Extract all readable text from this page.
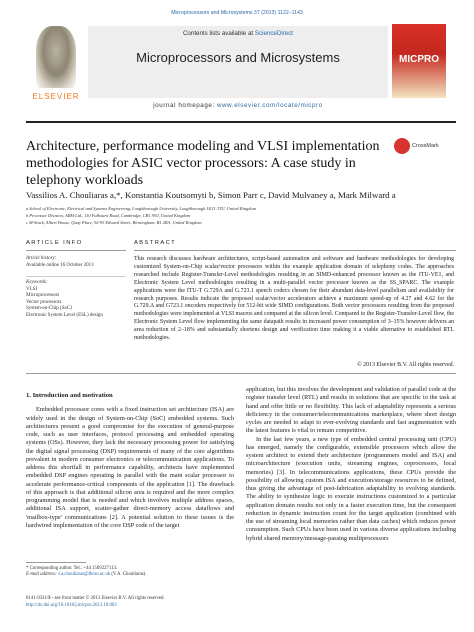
Microprocessors and Microsystems 37 (2013) 1122–1143
ELSEVIER
Contents lists available at ScienceDirect
Microprocessors and Microsystems
journal homepage: www.elsevier.com/locate/micpro
MICPRO
Architecture, performance modeling and VLSI implementation methodologies for ASIC vector processors: A case study in telephony workloads
CrossMark
Vassilios A. Chouliaras a,*, Konstantia Koutsomyti b, Simon Parr c, David Mulvaney a, Mark Milward a
a School of Electronic, Electrical and Systems Engineering, Loughborough University, Loughborough LE11 3TU, United Kingdom
b Processor Division, ARM Ltd., 110 Fulbourn Road, Cambridge, CB1 9NJ, United Kingdom
c M-Stack, Albert House, Quay Place, 92-93 Edward Street, Birmingham, B1 2RA, United Kingdom
ARTICLE INFO	ABSTRACT
Article history:
Available online 16 October 2013
Keywords:
VLSI
Microprocessors
Vector processors
System-on-Chip (SoC)
Electronic System Level (ESL) design
This research discusses hardware architectures, script-based automation and software and hardware methodologies for developing customized System-on-Chip scalar/vector processors within the example application domain of telephony codes. The approaches researched include Register-Transfer-Level methodologies resulting in an SIMD-enhanced processor known as the ITU-VE1, and Electronic System Level methodologies resulting in a multi-parallel vector processor known as the SS_SPARC. The example applications were the ITU-T G.729A and G.723.1 speech codecs chosen for their abundant data-level parallelism and availability for research purposes. Results indicate the proposed scalar/vector accelerators achieve a maximum speed-up of 4.27 and 4.62 for the G.729.A and G723.1 encoders respectively for 512-bit wide SIMD configurations. Both vector processors resulting from the proposed methodologies were implemented at VLSI macros and compared at the silicon level. Compared to the Register-Transfer-Level flow, the Electronic System Level flow implementing the same datapath results in increased power consumption of 3–15% however delivers an area reduction of 2–18% and substantially shortens design and verification time making it a viable alternative to established RTL methodologies.
© 2013 Elsevier B.V. All rights reserved.
1. Introduction and motivation

Embedded processor cores with a fixed instruction set architecture (ISA) are widely used in the design of System-on-Chip (SoC) embedded systems. Such architectures present a good compromise for the execution of general-purpose code, such as user interfaces, protocol processing and embedded operating systems (OSs). However, they lack the necessary processing power for satisfying the digital signal processing (DSP) requirements of many of the core algorithms prevalent in modern consumer electronics or telecommunication applications. To address this shortfall in performance capability, architects have implemented embedded DSP engines operating in parallel with the main scalar processor to accelerate performance-critical components of the application [1]. The drawback of this approach is that additional silicon area is required and the more complex programming model that is needed and which involves multiple address spaces, additional ISA support, scatter-gather direct-memory access dataflows and 'mailbox-type' communications [2]. A potential solution to these issues is the hardwired implementation of the core DSP code of the target

application, but this involves the development and validation of parallel code at the register transfer level (RTL) and results in solutions that are specific to the task at hand and offer little or no flexibility. This lack of adaptability represents a serious deficiency in the consumer/telecommunications marketplace, where short design cycles are needed to adapt to ever-evolving standards and fast augmentation with the latest features is vital to remain competitive.

In the last few years, a new type of embedded central processing unit (CPU) has emerged, namely the configurable, extensible processors which allow the system architect to extend their architecture (programmers model and ISA) and microarchitecture (execution units, streaming engines, coprocessors, local memories) [3]. In telecommunications applications, these CPUs provide the possibility of allowing custom ISA and execution/storage resources to be defined, thus giving the advantage of post-fabrication adaptability to evolving standards. The ability to synthesize logic to execute instructions customized to a particular application domain results not only in a faster execution time, but the consequent reduction in dynamic instruction count for the target application (combined with the use of streaming local memories rather than data caches) which reduces power consumption. Such CPUs have been used in various diverse applications including hybrid shared memory/message-passing multiprocessors

* Corresponding author. Tel.: +44 1509227113.
E-mail address: v.a.chouliaras@lboro.ac.uk (V.A. Chouliaras).
0141-9331/$ - see front matter © 2013 Elsevier B.V. All rights reserved.
http://dx.doi.org/10.1016/j.micpro.2013.10.003
